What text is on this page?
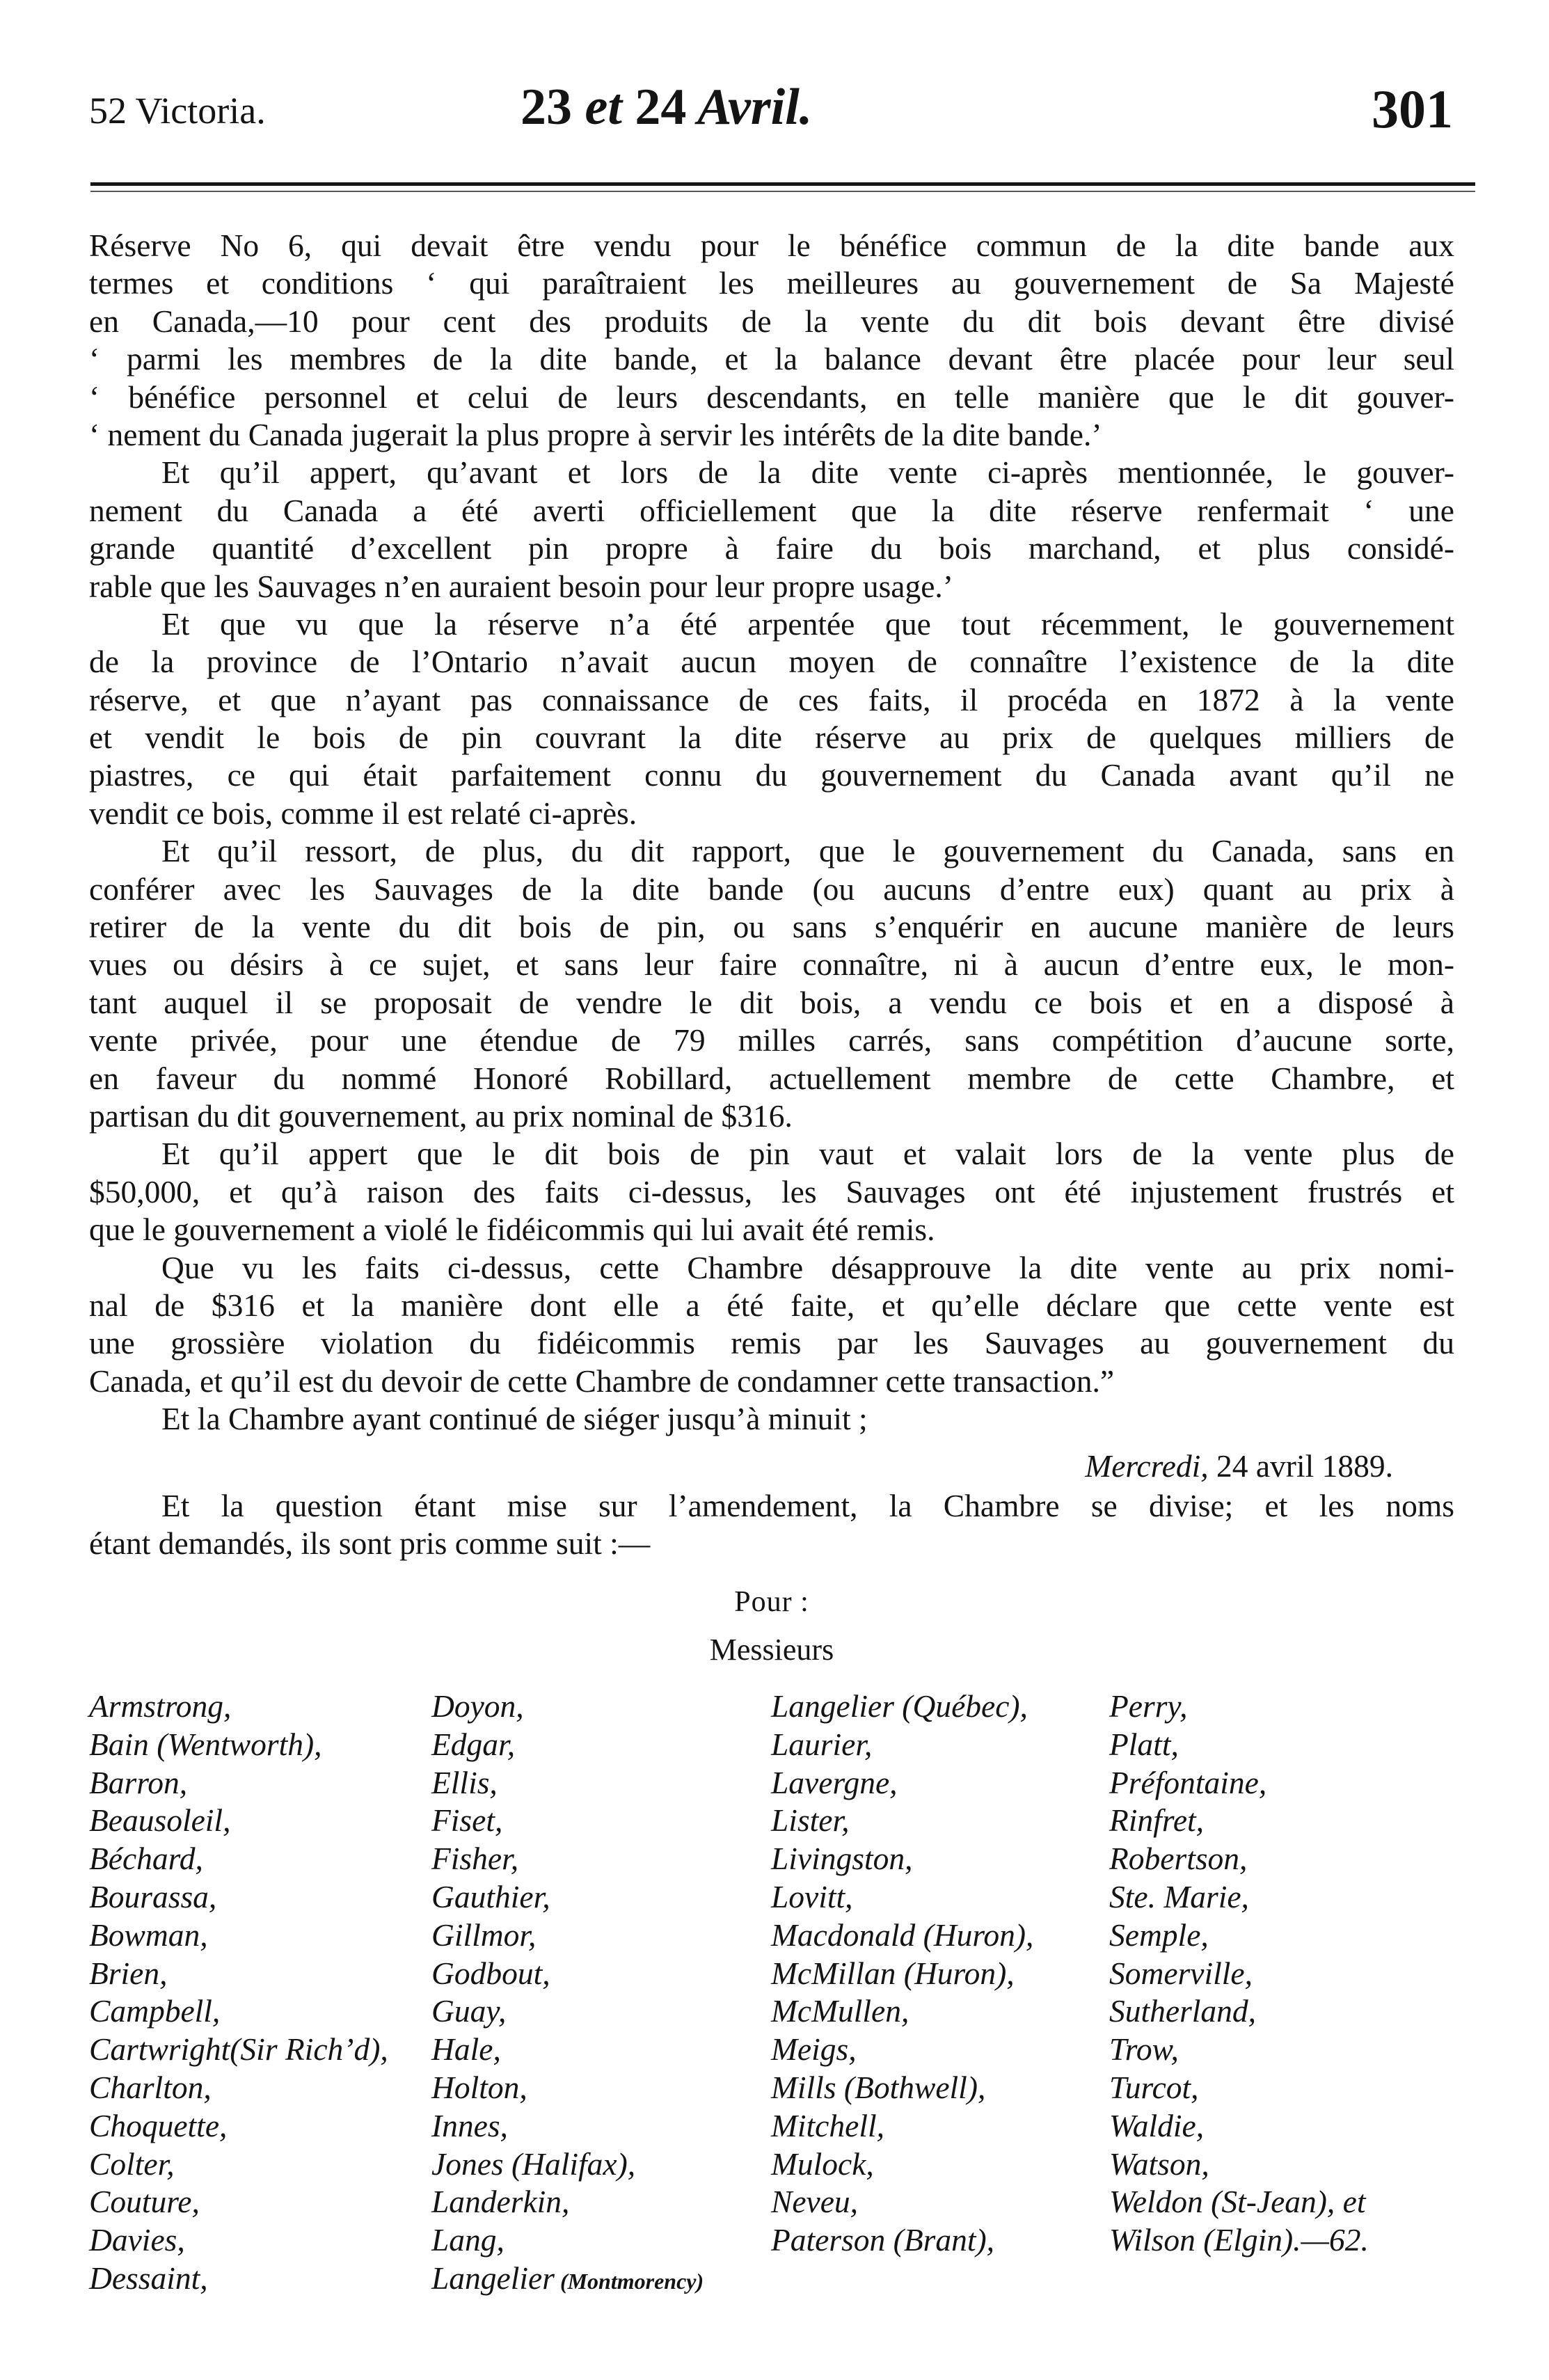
52 Victoria.	23 et 24 Avril.	301
Réserve No 6, qui devait être vendu pour le bénéfice commun de la dite bande aux
termes et conditions ‘ qui paraîtraient les meilleures au gouvernement de Sa Majesté
en Canada,—10 pour cent des produits de la vente du dit bois devant être divisé
‘ parmi les membres de la dite bande, et la balance devant être placée pour leur seul
‘ bénéfice personnel et celui de leurs descendants, en telle manière que le dit gouver-
‘ nement du Canada jugerait la plus propre à servir les intérêts de la dite bande.’
Et qu’il appert, qu’avant et lors de la dite vente ci-après mentionnée, le gouver-
nement du Canada a été averti officiellement que la dite réserve renfermait ‘ une
grande quantité d’excellent pin propre à faire du bois marchand, et plus considé-
rable que les Sauvages n’en auraient besoin pour leur propre usage.’
Et que vu que la réserve n’a été arpentée que tout récemment, le gouvernement
de la province de l’Ontario n’avait aucun moyen de connaître l’existence de la dite
réserve, et que n’ayant pas connaissance de ces faits, il procéda en 1872 à la vente
et vendit le bois de pin couvrant la dite réserve au prix de quelques milliers de
piastres, ce qui était parfaitement connu du gouvernement du Canada avant qu’il ne
vendit ce bois, comme il est relaté ci-après.
Et qu’il ressort, de plus, du dit rapport, que le gouvernement du Canada, sans en
conférer avec les Sauvages de la dite bande (ou aucuns d’entre eux) quant au prix à
retirer de la vente du dit bois de pin, ou sans s’enquérir en aucune manière de leurs
vues ou désirs à ce sujet, et sans leur faire connaître, ni à aucun d’entre eux, le mon-
tant auquel il se proposait de vendre le dit bois, a vendu ce bois et en a disposé à
vente privée, pour une étendue de 79 milles carrés, sans compétition d’aucune sorte,
en faveur du nommé Honoré Robillard, actuellement membre de cette Chambre, et
partisan du dit gouvernement, au prix nominal de $316.
Et qu’il appert que le dit bois de pin vaut et valait lors de la vente plus de
$50,000, et qu’à raison des faits ci-dessus, les Sauvages ont été injustement frustrés et
que le gouvernement a violé le fidéicommis qui lui avait été remis.
Que vu les faits ci-dessus, cette Chambre désapprouve la dite vente au prix nomi-
nal de $316 et la manière dont elle a été faite, et qu’elle déclare que cette vente est
une grossière violation du fidéicommis remis par les Sauvages au gouvernement du
Canada, et qu’il est du devoir de cette Chambre de condamner cette transaction.”
Et la Chambre ayant continué de siéger jusqu’à minuit ;
Mercredi, 24 avril 1889.
Et la question étant mise sur l’amendement, la Chambre se divise; et les noms
étant demandés, ils sont pris comme suit :—
Pour :
Messieurs
Armstrong,
Bain (Wentworth),
Barron,
Beausoleil,
Béchard,
Bourassa,
Bowman,
Brien,
Campbell,
Cartwright(Sir Rich’d),
Charlton,
Choquette,
Colter,
Couture,
Davies,
Dessaint,
Doyon,
Edgar,
Ellis,
Fiset,
Fisher,
Gauthier,
Gillmor,
Godbout,
Guay,
Hale,
Holton,
Innes,
Jones (Halifax),
Landerkin,
Lang,
Langelier (Montmorency)
Langelier (Québec),
Laurier,
Lavergne,
Lister,
Livingston,
Lovitt,
Macdonald (Huron),
McMillan (Huron),
McMullen,
Meigs,
Mills (Bothwell),
Mitchell,
Mulock,
Neveu,
Paterson (Brant),
Perry,
Platt,
Préfontaine,
Rinfret,
Robertson,
Ste. Marie,
Semple,
Somerville,
Sutherland,
Trow,
Turcot,
Waldie,
Watson,
Weldon (St-Jean), et
Wilson (Elgin).—62.
